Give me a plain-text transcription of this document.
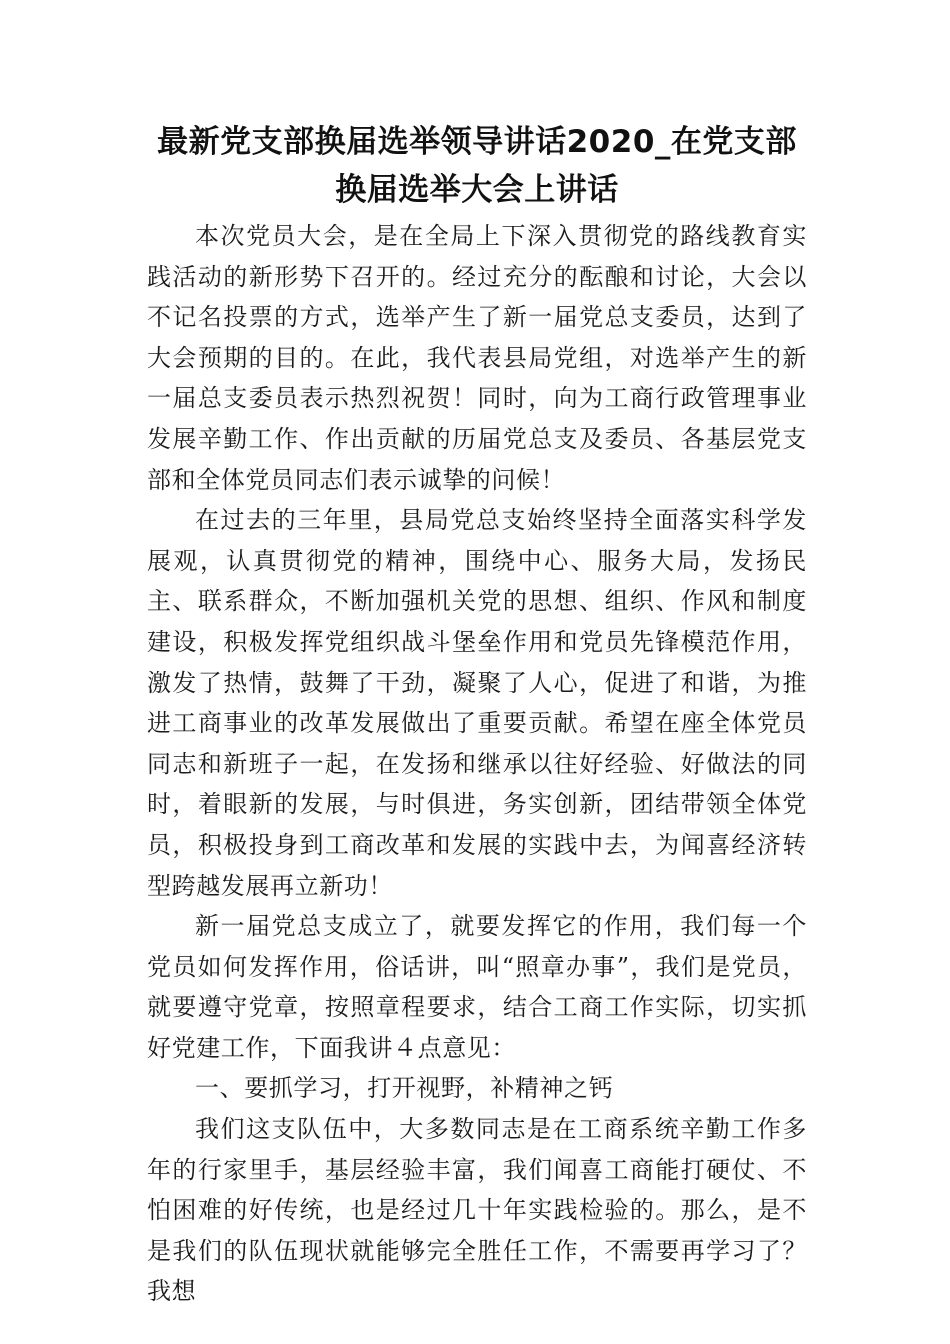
最新党支部换届选举领导讲话2020_在党支部换届选举大会上讲话

本次党员大会，是在全局上下深入贯彻党的路线教育实践活动的新形势下召开的。经过充分的酝酿和讨论，大会以不记名投票的方式，选举产生了新一届党总支委员，达到了大会预期的目的。在此，我代表县局党组，对选举产生的新一届总支委员表示热烈祝贺！同时，向为工商行政管理事业发展辛勤工作、作出贡献的历届党总支及委员、各基层党支部和全体党员同志们表示诚挚的问候！

在过去的三年里，县局党总支始终坚持全面落实科学发展观，认真贯彻党的精神，围绕中心、服务大局，发扬民主、联系群众，不断加强机关党的思想、组织、作风和制度建设，积极发挥党组织战斗堡垒作用和党员先锋模范作用，激发了热情，鼓舞了干劲，凝聚了人心，促进了和谐，为推进工商事业的改革发展做出了重要贡献。希望在座全体党员同志和新班子一起，在发扬和继承以往好经验、好做法的同时，着眼新的发展，与时俱进，务实创新，团结带领全体党员，积极投身到工商改革和发展的实践中去，为闻喜经济转型跨越发展再立新功！

新一届党总支成立了，就要发挥它的作用，我们每一个党员如何发挥作用，俗话讲，叫“照章办事”，我们是党员，就要遵守党章，按照章程要求，结合工商工作实际，切实抓好党建工作，下面我讲４点意见：

一、要抓学习，打开视野，补精神之钙

我们这支队伍中，大多数同志是在工商系统辛勤工作多年的行家里手，基层经验丰富，我们闻喜工商能打硬仗、不怕困难的好传统，也是经过几十年实践检验的。那么，是不是我们的队伍现状就能够完全胜任工作，不需要再学习了？我想
